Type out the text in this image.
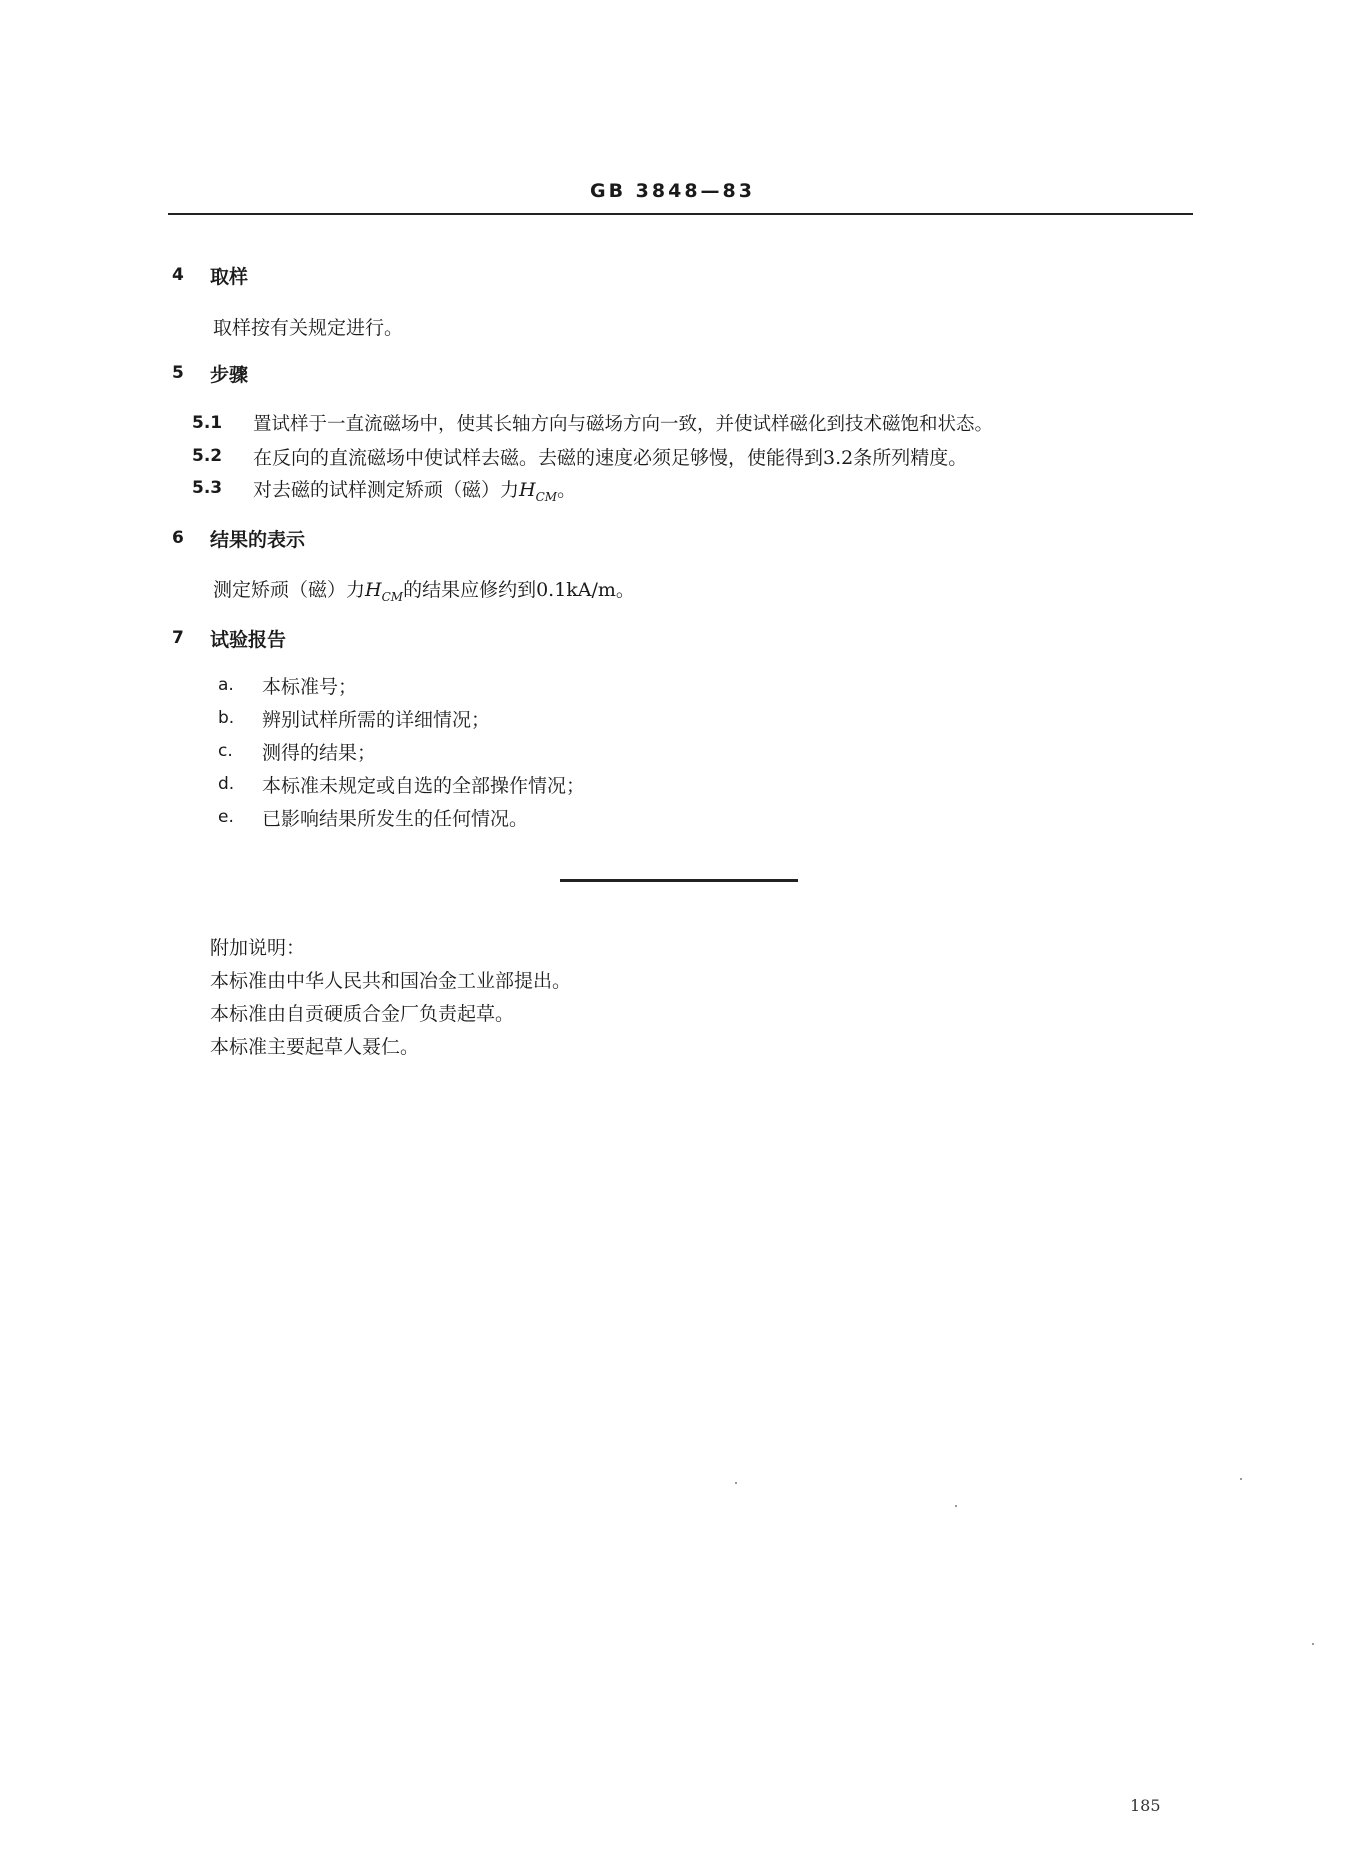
GB 3848—83
4 取样
取样按有关规定进行。
5 步骤
5.1 置试样于一直流磁场中，使其长轴方向与磁场方向一致，并使试样磁化到技术磁饱和状态。
5.2 在反向的直流磁场中使试样去磁。去磁的速度必须足够慢，使能得到3.2条所列精度。
5.3 对去磁的试样测定矫顽（磁）力$H_{CM}$。
6 结果的表示
测定矫顽（磁）力$H_{CM}$的结果应修约到0.1kA/m。
7 试验报告
a. 本标准号；
b. 辨别试样所需的详细情况；
c. 测得的结果；
d. 本标准未规定或自选的全部操作情况；
e. 已影响结果所发生的任何情况。
附加说明：
本标准由中华人民共和国冶金工业部提出。
本标准由自贡硬质合金厂负责起草。
本标准主要起草人聂仁。
185
